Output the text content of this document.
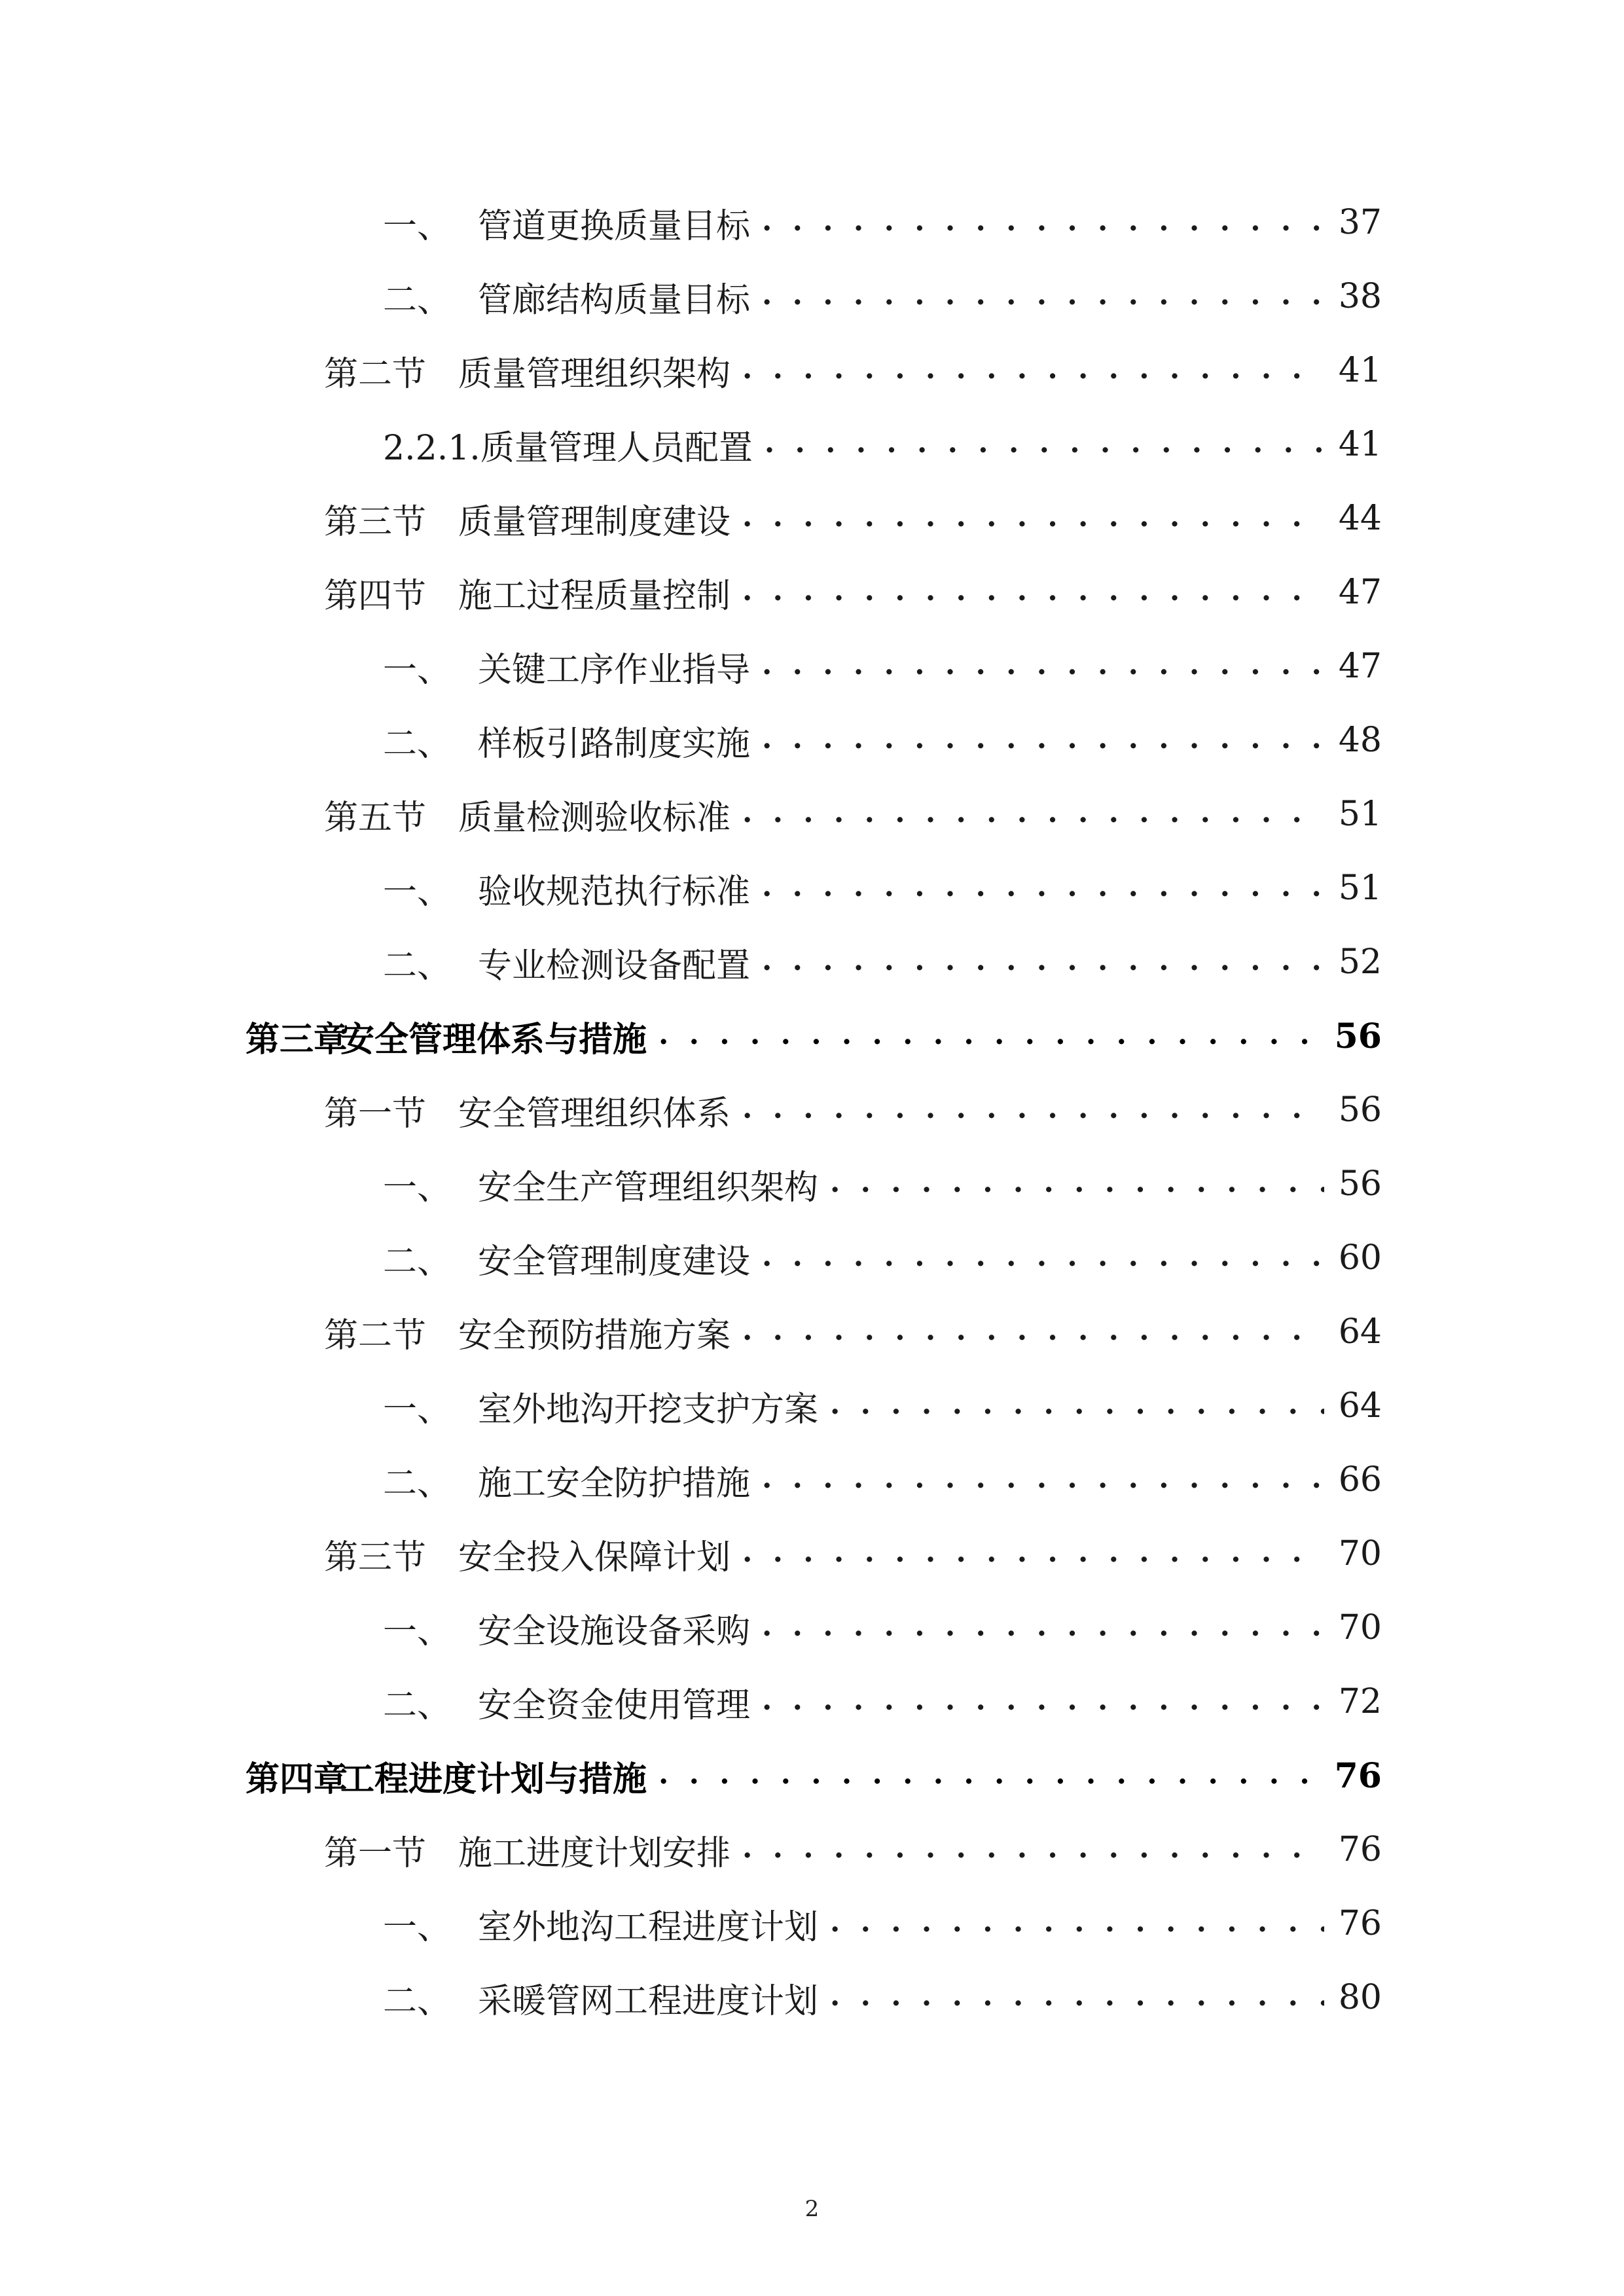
一、 管道更换质量目标 . . .	37
二、 管廊结构质量目标 . . .	38
第二节 质量管理组织架构 . . .	41
2.2.1.质量管理人员配置 . . .	41
第三节 质量管理制度建设 . . .	44
第四节 施工过程质量控制 . . .	47
一、 关键工序作业指导 . . .	47
二、 样板引路制度实施 . . .	48
第五节 质量检测验收标准 . . .	51
一、 验收规范执行标准 . . .	51
二、 专业检测设备配置 . . .	52
第三章
安全管理体系与措施 . . .	56
第一节 安全管理组织体系 . . .	56
一、 安全生产管理组织架构 . . .	56
二、 安全管理制度建设 . . .	60
第二节 安全预防措施方案 . . .	64
一、 室外地沟开挖支护方案 . . .	64
二、 施工安全防护措施 . . .	66
第三节 安全投入保障计划 . . .	70
一、 安全设施设备采购 . . .	70
二、 安全资金使用管理 . . .	72
第四章
工程进度计划与措施 . . .	76
第一节 施工进度计划安排 . . .	76
一、 室外地沟工程进度计划 . . .	76
二、 采暖管网工程进度计划 . . .	80
2
